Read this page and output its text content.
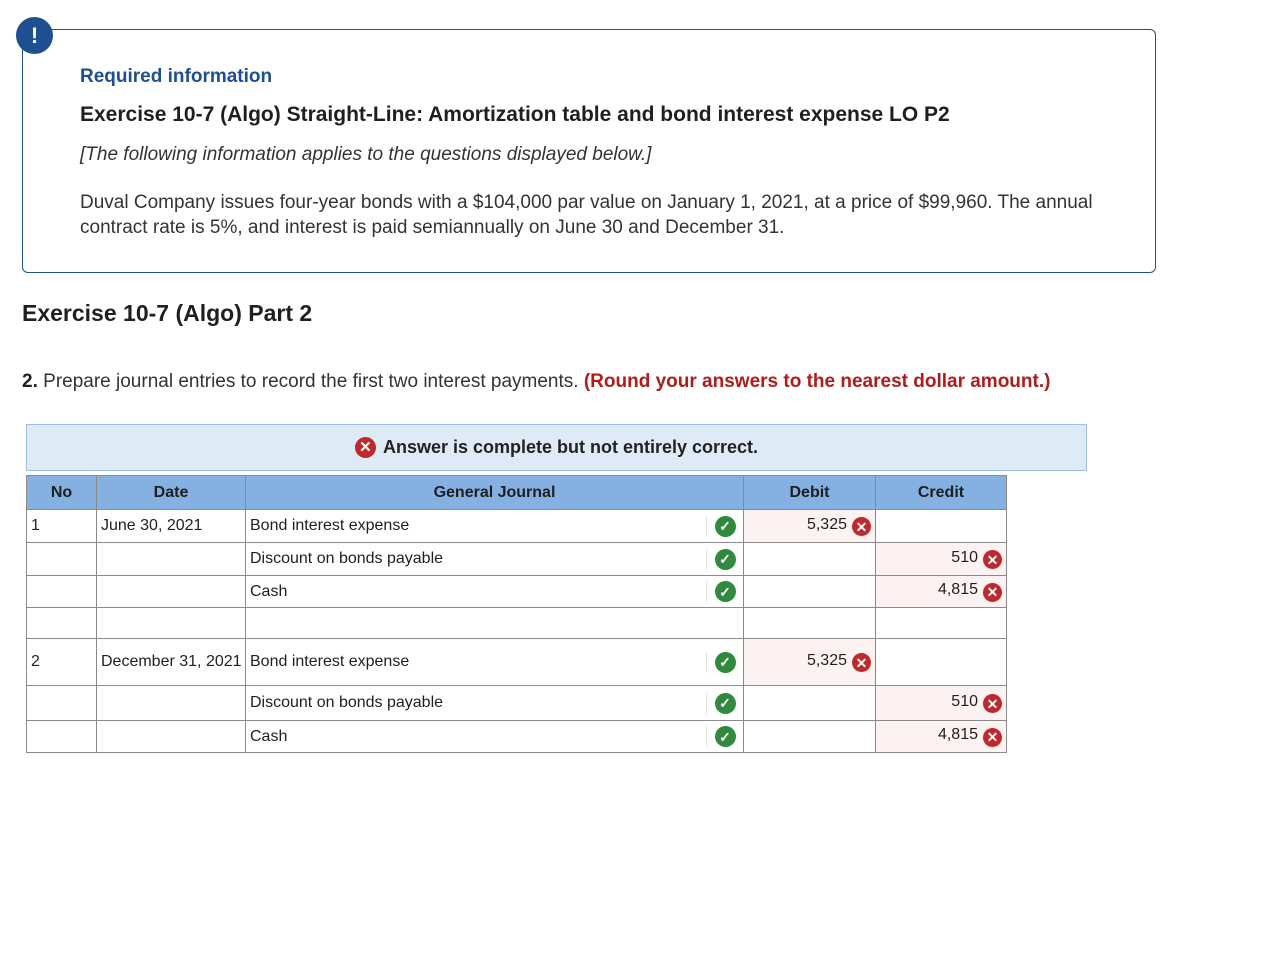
!
Required information
Exercise 10-7 (Algo) Straight-Line: Amortization table and bond interest expense LO P2
[The following information applies to the questions displayed below.]
Duval Company issues four-year bonds with a $104,000 par value on January 1, 2021, at a price of $99,960. The annual contract rate is 5%, and interest is paid semiannually on June 30 and December 31.
Exercise 10-7 (Algo) Part 2
2. Prepare journal entries to record the first two interest payments. (Round your answers to the nearest dollar amount.)
✕ Answer is complete but not entirely correct.
No	Date	General Journal	Debit	Credit
1	June 30, 2021	Bond interest expense ✓	5,325 ✕	

		Discount on bonds payable ✓		510 ✕

		Cash ✓		4,815 ✕

2	December 31, 2021	Bond interest expense ✓	5,325 ✕	

		Discount on bonds payable ✓		510 ✕

		Cash ✓		4,815 ✕
